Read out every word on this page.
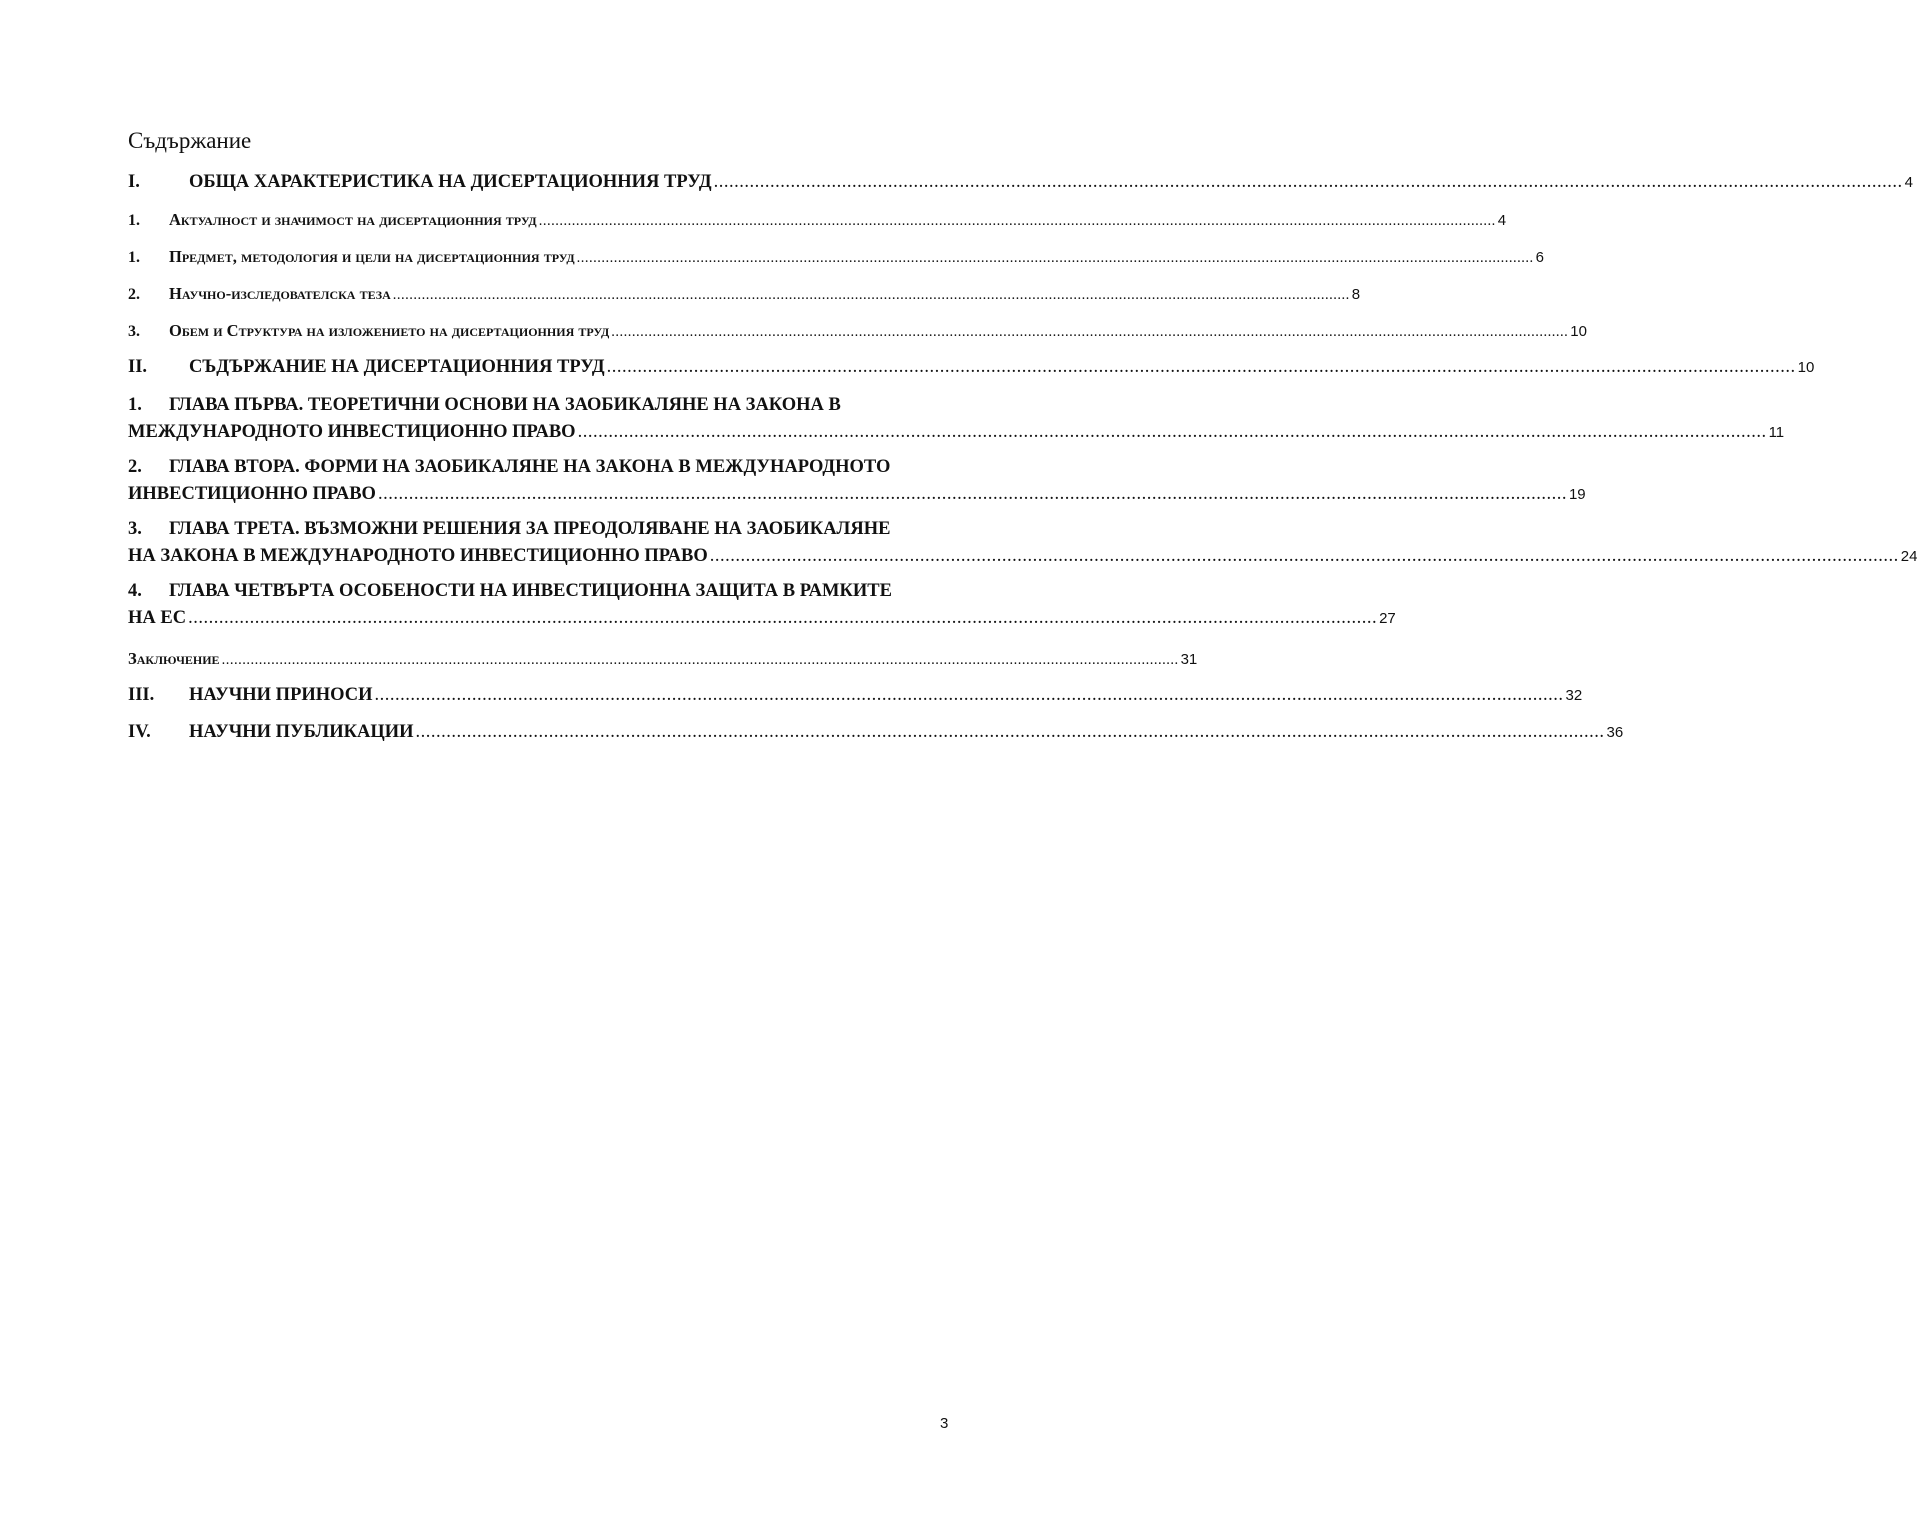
Съдържание
I.	ОБЩА ХАРАКТЕРИСТИКА НА ДИСЕРТАЦИОННИЯ ТРУД .....	4
1.	Актуалност и значимост на дисертационния труд .....	4
1.	Предмет, методология и цели на дисертационния труд .....	6
2.	Научно-изследователска теза .....	8
3.	Обем и Структура на изложението на дисертационния труд .....	10
II.	СЪДЪРЖАНИЕ НА ДИСЕРТАЦИОННИЯ ТРУД .....	10
1. ГЛАВА ПЪРВА. ТЕОРЕТИЧНИ ОСНОВИ НА ЗАОБИКАЛЯНЕ НА ЗАКОНА В
МЕЖДУНАРОДНОТО ИНВЕСТИЦИОННО ПРАВО .....	11
2. ГЛАВА ВТОРА. ФОРМИ НА ЗАОБИКАЛЯНЕ НА ЗАКОНА В МЕЖДУНАРОДНОТО
ИНВЕСТИЦИОННО ПРАВО .....	19
3. ГЛАВА ТРЕТА. ВЪЗМОЖНИ РЕШЕНИЯ ЗА ПРЕОДОЛЯВАНЕ НА ЗАОБИКАЛЯНЕ
НА ЗАКОНА В МЕЖДУНАРОДНОТО ИНВЕСТИЦИОННО ПРАВО .....	24
4. ГЛАВА ЧЕТВЪРТА ОСОБЕНОСТИ НА ИНВЕСТИЦИОННА ЗАЩИТА В РАМКИТЕ
НА ЕС .....	27
Заключение .....	31
III.	НАУЧНИ ПРИНОСИ .....	32
IV.	НАУЧНИ ПУБЛИКАЦИИ .....	36
3
